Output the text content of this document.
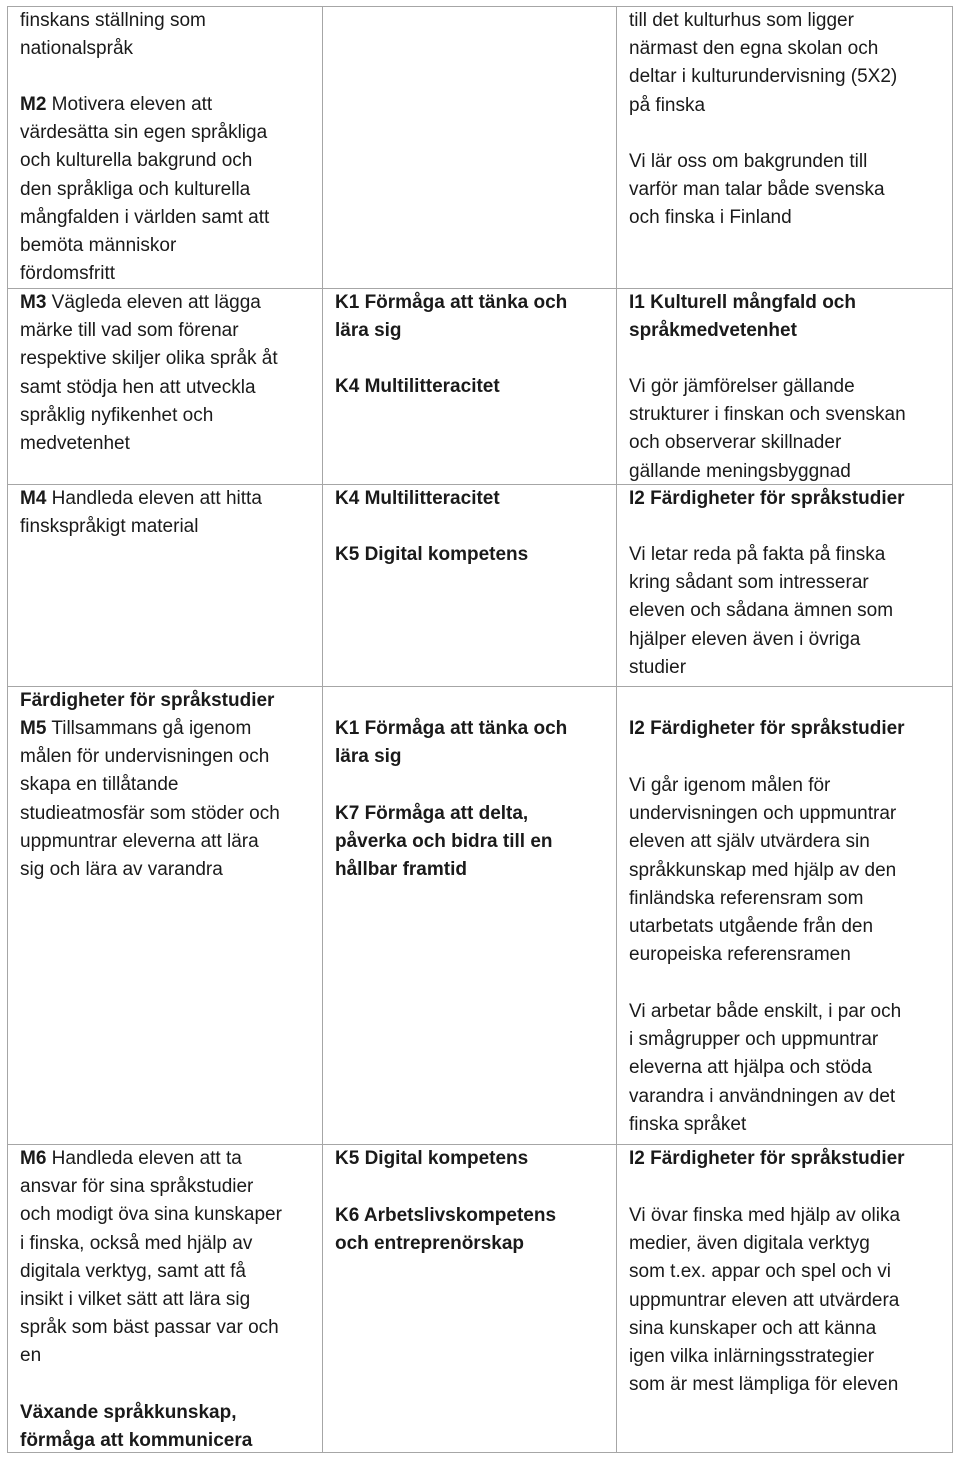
finskans ställning som
nationalspråk
M2 Motivera eleven att
värdesätta sin egen språkliga
och kulturella bakgrund och
den språkliga och kulturella
mångfalden i världen samt att
bemöta människor
fördomsfritt
till det kulturhus som ligger
närmast den egna skolan och
deltar i kulturundervisning (5X2)
på finska
Vi lär oss om bakgrunden till
varför man talar både svenska
och finska i Finland
M3 Vägleda eleven att lägga
märke till vad som förenar
respektive skiljer olika språk åt
samt stödja hen att utveckla
språklig nyfikenhet och
medvetenhet
K1 Förmåga att tänka och
lära sig
K4 Multilitteracitet
I1 Kulturell mångfald och
språkmedvetenhet
Vi gör jämförelser gällande
strukturer i finskan och svenskan
och observerar skillnader
gällande meningsbyggnad
M4 Handleda eleven att hitta
finskspråkigt material
K4 Multilitteracitet
K5 Digital kompetens
I2 Färdigheter för språkstudier
Vi letar reda på fakta på finska
kring sådant som intresserar
eleven och sådana ämnen som
hjälper eleven även i övriga
studier
Färdigheter för språkstudier
M5 Tillsammans gå igenom
målen för undervisningen och
skapa en tillåtande
studieatmosfär som stöder och
uppmuntrar eleverna att lära
sig och lära av varandra
K1 Förmåga att tänka och
lära sig
K7 Förmåga att delta,
påverka och bidra till en
hållbar framtid
I2 Färdigheter för språkstudier
Vi går igenom målen för
undervisningen och uppmuntrar
eleven att själv utvärdera sin
språkkunskap med hjälp av den
finländska referensram som
utarbetats utgående från den
europeiska referensramen
Vi arbetar både enskilt, i par och
i smågrupper och uppmuntrar
eleverna att hjälpa och stöda
varandra i användningen av det
finska språket
M6 Handleda eleven att ta
ansvar för sina språkstudier
och modigt öva sina kunskaper
i finska, också med hjälp av
digitala verktyg, samt att få
insikt i vilket sätt att lära sig
språk som bäst passar var och
en
Växande språkkunskap,
förmåga att kommunicera
K5 Digital kompetens
K6 Arbetslivskompetens
och entreprenörskap
I2 Färdigheter för språkstudier
Vi övar finska med hjälp av olika
medier, även digitala verktyg
som t.ex. appar och spel och vi
uppmuntrar eleven att utvärdera
sina kunskaper och att känna
igen vilka inlärningsstrategier
som är mest lämpliga för eleven
